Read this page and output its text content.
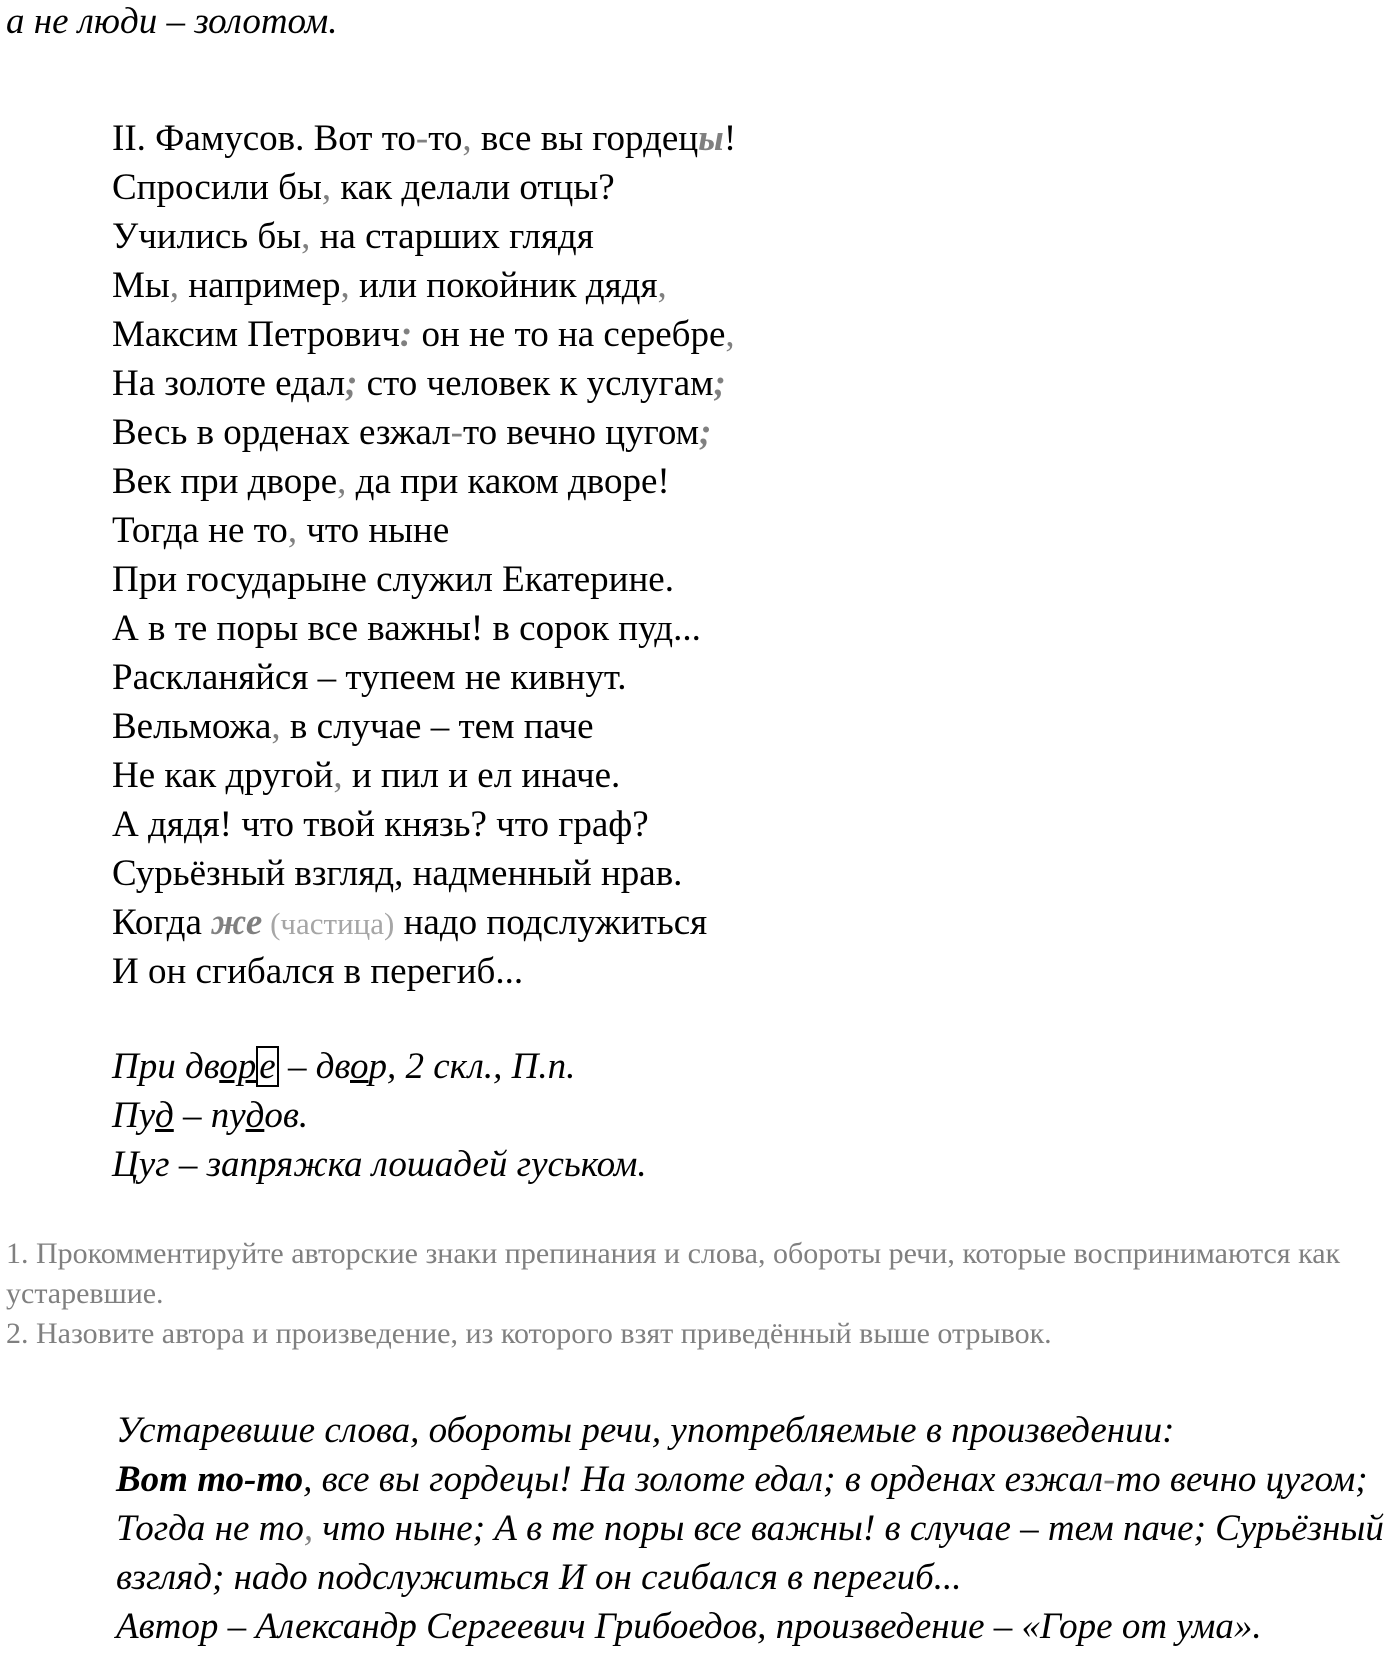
а не люди – золотом.
II. Фамусов. Вот то-то, все вы гордецы!
Спросили бы, как делали отцы?
Учились бы, на старших глядя
Мы, например, или покойник дядя,
Максим Петрович: он не то на серебре,
На золоте едал; сто человек к услугам;
Весь в орденах езжал-то вечно цугом;
Век при дворе, да при каком дворе!
Тогда не то, что ныне
При государыне служил Екатерине.
А в те поры все важны! в сорок пуд...
Раскланяйся – тупеем не кивнут.
Вельможа, в случае – тем паче
Не как другой, и пил и ел иначе.
А дядя! что твой князь? что граф?
Сурьёзный взгляд, надменный нрав.
Когда же (частица) надо подслужиться
И он сгибался в перегиб...
При дворе – двор, 2 скл., П.п.
Пуд – пудов.
Цуг – запряжка лошадей гуськом.
1. Прокомментируйте авторские знаки препинания и слова, обороты речи, которые воспринимаются как устаревшие.
2. Назовите автора и произведение, из которого взят приведённый выше отрывок.

Устаревшие слова, обороты речи, употребляемые в произведении:

Вот то-то, все вы гордецы! На золоте едал; в орденах езжал-то вечно цугом; Тогда не то, что ныне; А в те поры все важны! в случае – тем паче; Сурьёзный взгляд; надо подслужиться И он сгибался в перегиб...

Автор – Александр Сергеевич Грибоедов, произведение – «Горе от ума».
